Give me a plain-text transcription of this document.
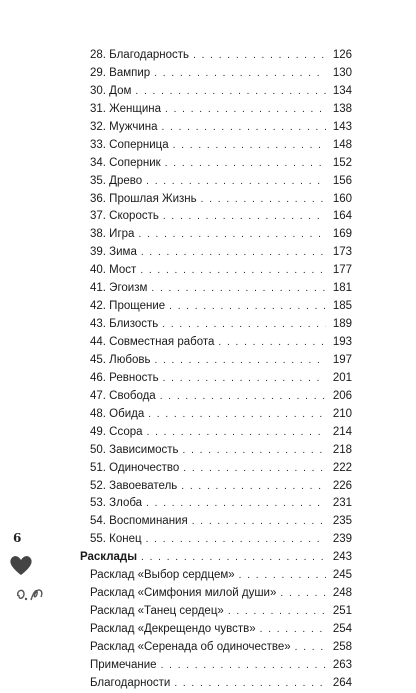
28. Благодарность . . .	126
29. Вампир . . .	130
30. Дом . . .	134
31. Женщина . . .	138
32. Мужчина . . .	143
33. Соперница . . .	148
34. Соперник . . .	152
35. Древо . . .	156
36. Прошлая Жизнь . . .	160
37. Скорость . . .	164
38. Игра . . .	169
39. Зима . . .	173
40. Мост . . .	177
41. Эгоизм . . .	181
42. Прощение . . .	185
43. Близость . . .	189
44. Совместная работа . . .	193
45. Любовь . . .	197
46. Ревность . . .	201
47. Свобода . . .	206
48. Обида . . .	210
49. Ссора . . .	214
50. Зависимость . . .	218
51. Одиночество . . .	222
52. Завоеватель . . .	226
53. Злоба . . .	231
54. Воспоминания . . .	235
55. Конец . . .	239
Расклады . . .	243
Расклад «Выбор сердцем» . . .	245
Расклад «Симфония милой души» . . .	248
Расклад «Танец сердец» . . .	251
Расклад «Декрещендо чувств» . . .	254
Расклад «Серенада об одиночестве» . . .	258
Примечание . . .	263
Благодарности . . .	264
6
